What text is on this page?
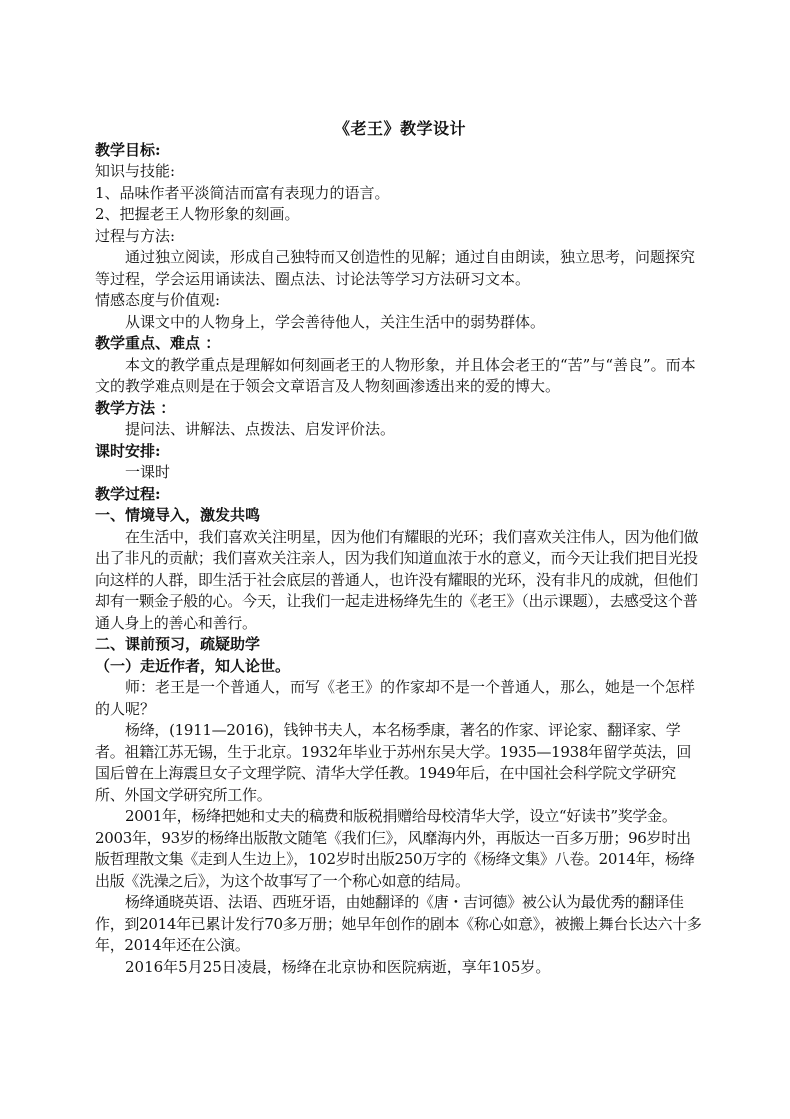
《老王》教学设计

教学目标:

知识与技能:

1、品味作者平淡简洁而富有表现力的语言。

2、把握老王人物形象的刻画。

过程与方法:

通过独立阅读，形成自己独特而又创造性的见解；通过自由朗读，独立思考，问题探究等过程，学会运用诵读法、圈点法、讨论法等学习方法研习文本。

情感态度与价值观:

从课文中的人物身上，学会善待他人，关注生活中的弱势群体。

教学重点、难点 ：

本文的教学重点是理解如何刻画老王的人物形象，并且体会老王的“苦”与“善良”。而本文的教学难点则是在于领会文章语言及人物刻画渗透出来的爱的博大。

教学方法 ：

提问法、讲解法、点拨法、启发评价法。

课时安排:

一课时

教学过程:

一、情境导入，激发共鸣

在生活中，我们喜欢关注明星，因为他们有耀眼的光环；我们喜欢关注伟人，因为他们做出了非凡的贡献；我们喜欢关注亲人，因为我们知道血浓于水的意义，而今天让我们把目光投向这样的人群，即生活于社会底层的普通人，也许没有耀眼的光环，没有非凡的成就，但他们却有一颗金子般的心。今天，让我们一起走进杨绛先生的《老王》（出示课题），去感受这个普通人身上的善心和善行。

二、课前预习，疏疑助学

（一）走近作者，知人论世。

师：老王是一个普通人，而写《老王》的作家却不是一个普通人，那么，她是一个怎样的人呢？

杨绛，(1911—2016)，钱钟书夫人，本名杨季康，著名的作家、评论家、翻译家、学者。祖籍江苏无锡，生于北京。1932年毕业于苏州东吴大学。1935—1938年留学英法，回国后曾在上海震旦女子文理学院、清华大学任教。1949年后，在中国社会科学院文学研究所、外国文学研究所工作。

2001年，杨绛把她和丈夫的稿费和版税捐赠给母校清华大学，设立“好读书”奖学金。2003年，93岁的杨绛出版散文随笔《我们仨》，风靡海内外，再版达一百多万册；96岁时出版哲理散文集《走到人生边上》，102岁时出版250万字的《杨绛文集》八卷。2014年，杨绛出版《洗澡之后》，为这个故事写了一个称心如意的结局。

杨绛通晓英语、法语、西班牙语，由她翻译的《唐・吉诃德》被公认为最优秀的翻译佳作，到2014年已累计发行70多万册；她早年创作的剧本《称心如意》，被搬上舞台长达六十多年，2014年还在公演。

2016年5月25日凌晨，杨绛在北京协和医院病逝，享年105岁。
